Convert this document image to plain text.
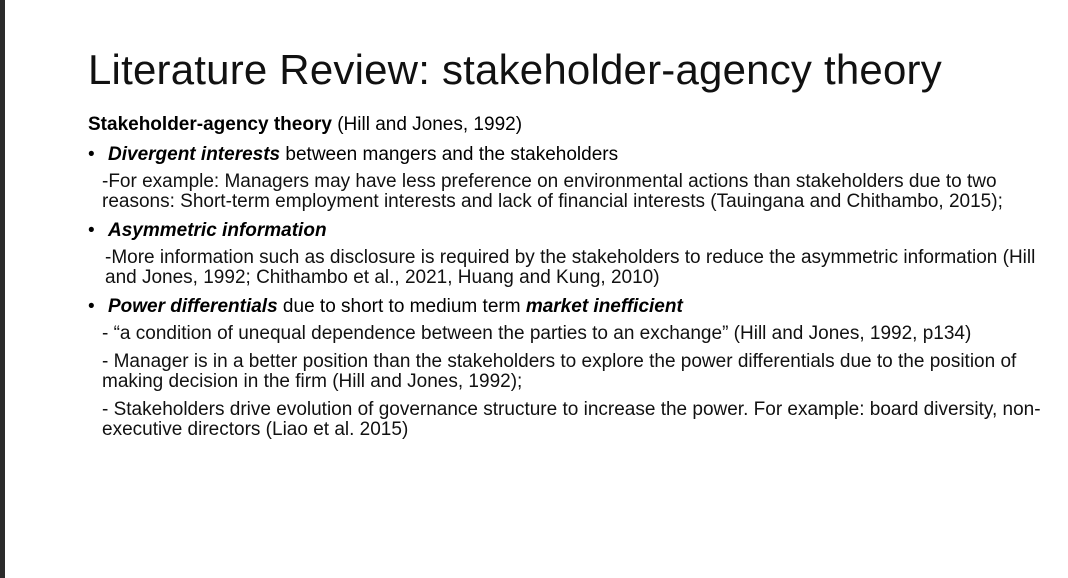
Literature Review: stakeholder-agency theory

Stakeholder-agency theory (Hill and Jones, 1992)

• Divergent interests between mangers and the stakeholders

-For example: Managers may have less preference on environmental actions than stakeholders due to two reasons: Short-term employment interests and lack of financial interests (Tauingana and Chithambo, 2015);

• Asymmetric information

-More information such as disclosure is required by the stakeholders to reduce the asymmetric information (Hill and Jones, 1992; Chithambo et al., 2021, Huang and Kung, 2010)

• Power differentials due to short to medium term market inefficient

- “a condition of unequal dependence between the parties to an exchange” (Hill and Jones, 1992, p134)

- Manager is in a better position than the stakeholders to explore the power differentials due to the position of making decision in the firm (Hill and Jones, 1992);

- Stakeholders drive evolution of governance structure to increase the power. For example: board diversity, non-executive directors (Liao et al. 2015)
